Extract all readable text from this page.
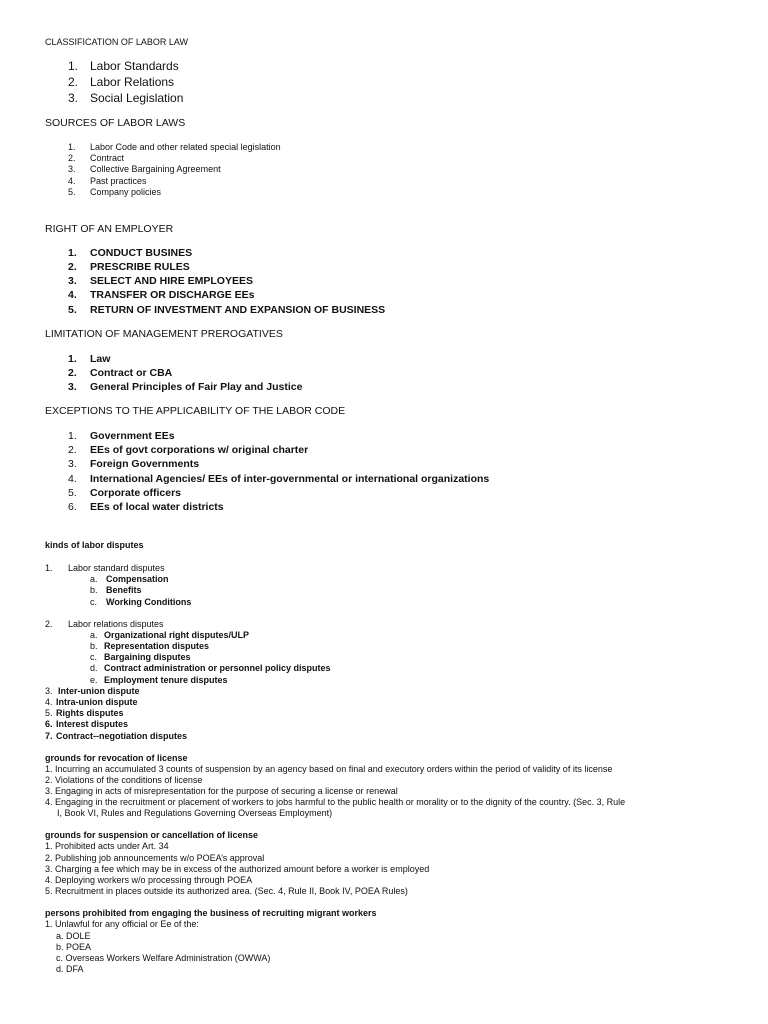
CLASSIFICATION OF LABOR LAW
1. Labor Standards
2. Labor Relations
3. Social Legislation
SOURCES OF LABOR LAWS
1. Labor Code and other related special legislation
2. Contract
3. Collective Bargaining Agreement
4. Past practices
5. Company policies
RIGHT OF AN EMPLOYER
1. CONDUCT BUSINES
2. PRESCRIBE RULES
3. SELECT AND HIRE EMPLOYEES
4. TRANSFER OR DISCHARGE EEs
5. RETURN OF INVESTMENT AND EXPANSION OF BUSINESS
LIMITATION OF MANAGEMENT PREROGATIVES
1. Law
2. Contract or CBA
3. General Principles of Fair Play and Justice
EXCEPTIONS TO THE APPLICABILITY OF THE LABOR CODE
1. Government EEs
2. EEs of govt corporations w/ original charter
3. Foreign Governments
4. International Agencies/ EEs of inter-governmental or international organizations
5. Corporate officers
6. EEs of local water districts
kinds of labor disputes
1. Labor standard disputes
a. Compensation
b. Benefits
c. Working Conditions
2. Labor relations disputes
a. Organizational right disputes/ULP
b. Representation disputes
c. Bargaining disputes
d. Contract administration or personnel policy disputes
e. Employment tenure disputes
3. Inter-union dispute
4. Intra-union dispute
5. Rights disputes
6. Interest disputes
7. Contract--negotiation disputes
grounds for revocation of license
1. Incurring an accumulated 3 counts of suspension by an agency based on final and executory orders within the period of validity of its license
2. Violations of the conditions of license
3. Engaging in acts of misrepresentation for the purpose of securing a license or renewal
4. Engaging in the recruitment or placement of workers to jobs harmful to the public health or morality or to the dignity of the country. (Sec. 3, Rule
I, Book VI, Rules and Regulations Governing Overseas Employment)
grounds for suspension or cancellation of license
1. Prohibited acts under Art. 34
2. Publishing job announcements w/o POEA’s approval
3. Charging a fee which may be in excess of the authorized amount before a worker is employed
4. Deploying workers w/o processing through POEA
5. Recruitment in places outside its authorized area. (Sec. 4, Rule II, Book IV, POEA Rules)
persons prohibited from engaging the business of recruiting migrant workers
1. Unlawful for any official or Ee of the:
a. DOLE
b. POEA
c. Overseas Workers Welfare Administration (OWWA)
d. DFA
